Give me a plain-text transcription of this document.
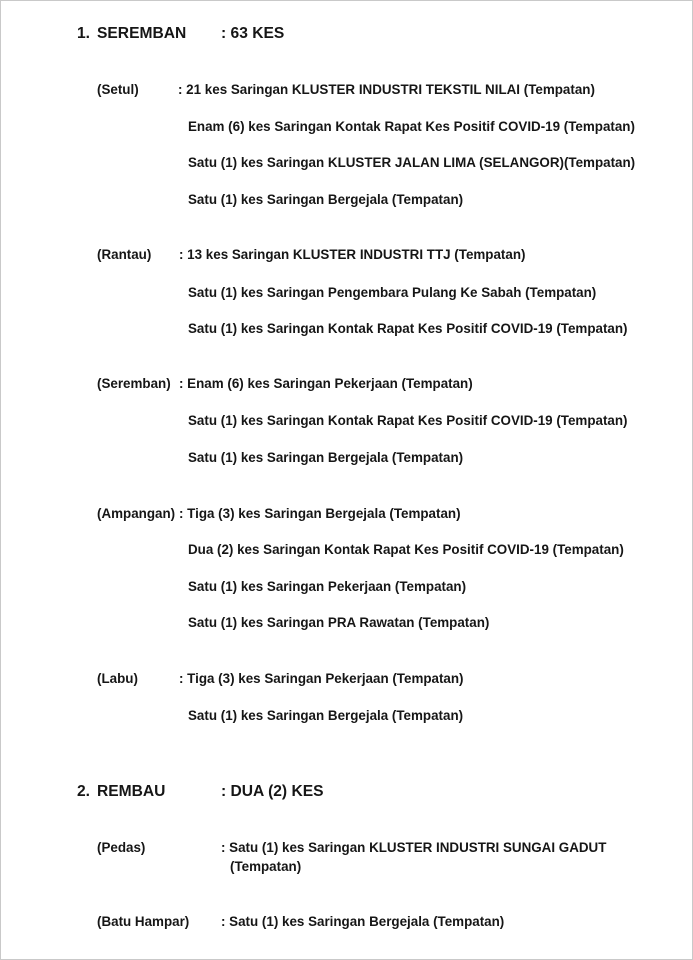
1. SEREMBAN : 63 KES
(Setul)	: 21 kes Saringan KLUSTER INDUSTRI TEKSTIL NILAI (Tempatan)
Enam (6) kes Saringan Kontak Rapat Kes Positif COVID-19 (Tempatan)
Satu (1) kes Saringan KLUSTER JALAN LIMA (SELANGOR)(Tempatan)
Satu (1) kes Saringan Bergejala (Tempatan)
(Rantau) : 13 kes Saringan KLUSTER INDUSTRI TTJ (Tempatan)
Satu (1) kes Saringan Pengembara Pulang Ke Sabah (Tempatan)
Satu (1) kes Saringan Kontak Rapat Kes Positif COVID-19 (Tempatan)
(Seremban) : Enam (6) kes Saringan Pekerjaan (Tempatan)
Satu (1) kes Saringan Kontak Rapat Kes Positif COVID-19 (Tempatan)
Satu (1) kes Saringan Bergejala (Tempatan)
(Ampangan) : Tiga (3) kes Saringan Bergejala (Tempatan)
Dua (2) kes Saringan Kontak Rapat Kes Positif COVID-19 (Tempatan)
Satu (1) kes Saringan Pekerjaan (Tempatan)
Satu (1) kes Saringan PRA Rawatan (Tempatan)
(Labu)	: Tiga (3) kes Saringan Pekerjaan (Tempatan)
Satu (1) kes Saringan Bergejala (Tempatan)
2. REMBAU	: DUA (2) KES
(Pedas)	: Satu (1) kes Saringan KLUSTER INDUSTRI SUNGAI GADUT
(Tempatan)
(Batu Hampar) : Satu (1) kes Saringan Bergejala (Tempatan)
